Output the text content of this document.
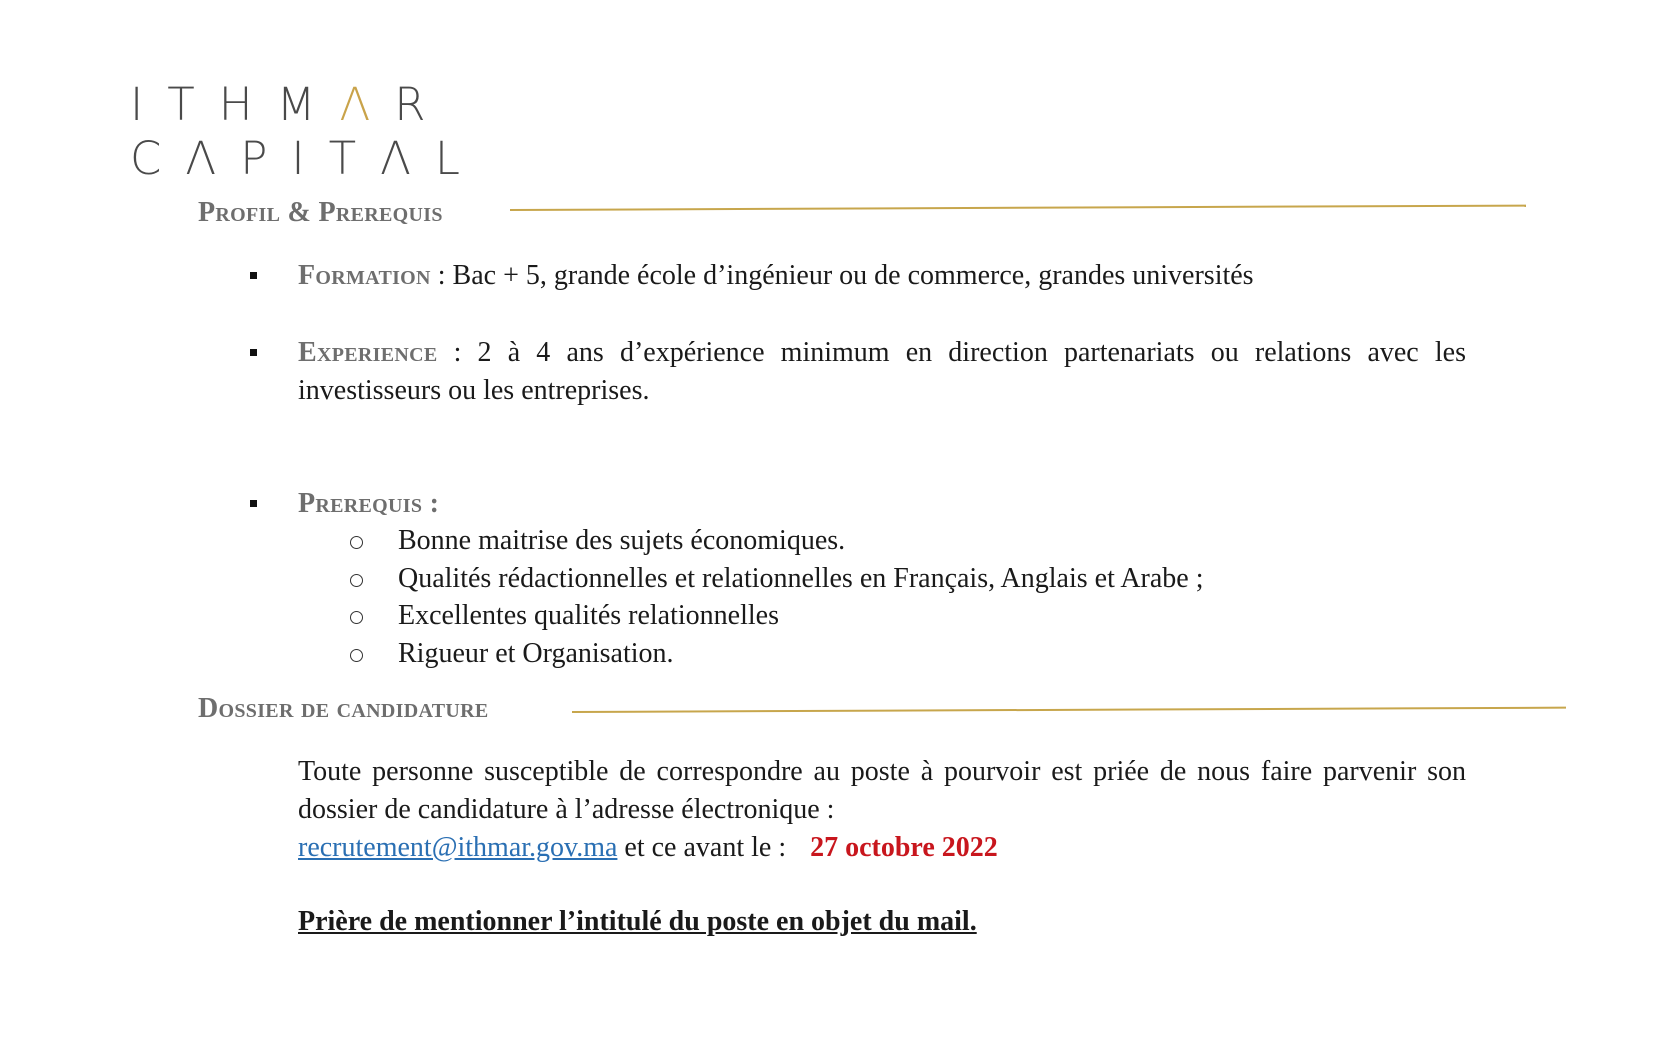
ITHMΛR
CΛPITΛL
Profil & Prerequis
Formation : Bac + 5, grande école d’ingénieur ou de commerce, grandes universités
Experience : 2 à 4 ans d’expérience minimum en direction partenariats ou relations avec les investisseurs ou les entreprises.
Prerequis :
Bonne maitrise des sujets économiques.
Qualités rédactionnelles et relationnelles en Français, Anglais et Arabe ;
Excellentes qualités relationnelles
Rigueur et Organisation.
Dossier de candidature
Toute personne susceptible de correspondre au poste à pourvoir est priée de nous faire parvenir son dossier de candidature à l’adresse électronique :
recrutement@ithmar.gov.ma et ce avant le : 27 octobre 2022
Prière de mentionner l’intitulé du poste en objet du mail.
